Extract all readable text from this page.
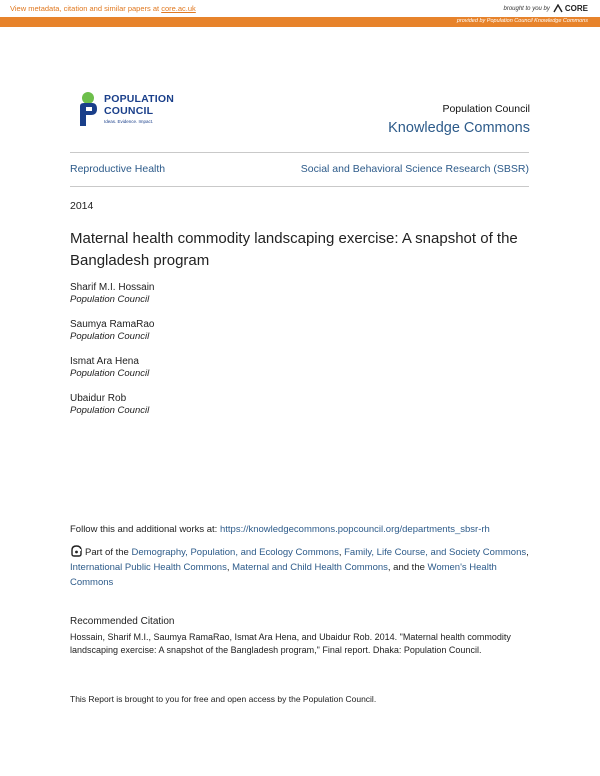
View metadata, citation and similar papers at core.ac.uk	brought to you by CORE
provided by Population Council Knowledge Commons
POPULATION
COUNCIL
Ideas. Evidence. Impact.
Population Council
Knowledge Commons
Reproductive Health	Social and Behavioral Science Research (SBSR)
2014
Maternal health commodity landscaping exercise: A snapshot of the Bangladesh program
Sharif M.I. Hossain
Population Council
Saumya RamaRao
Population Council
Ismat Ara Hena
Population Council
Ubaidur Rob
Population Council
Follow this and additional works at: https://knowledgecommons.popcouncil.org/departments_sbsr-rh
Part of the Demography, Population, and Ecology Commons, Family, Life Course, and Society Commons, International Public Health Commons, Maternal and Child Health Commons, and the Women's Health Commons
Recommended Citation
Hossain, Sharif M.I., Saumya RamaRao, Ismat Ara Hena, and Ubaidur Rob. 2014. "Maternal health commodity landscaping exercise: A snapshot of the Bangladesh program," Final report. Dhaka: Population Council.
This Report is brought to you for free and open access by the Population Council.
